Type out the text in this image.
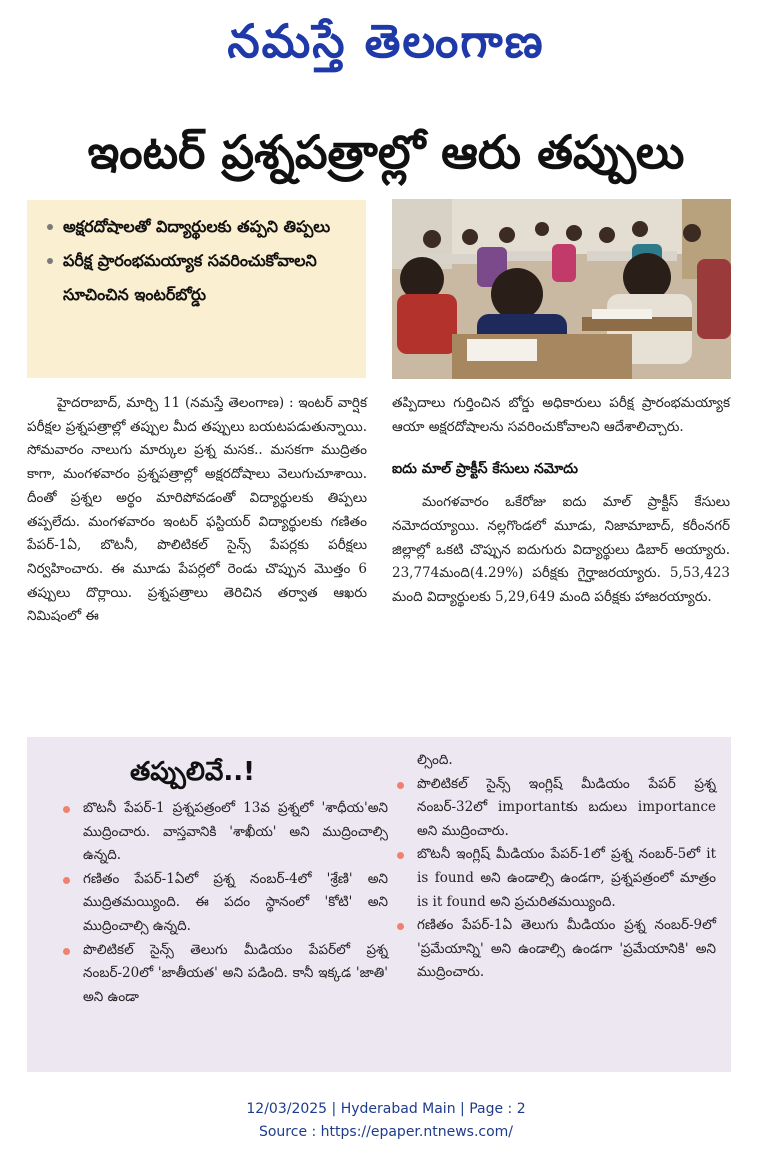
నమస్తే తెలంగాణ
ఇంటర్ ప్రశ్నపత్రాల్లో ఆరు తప్పులు
అక్షరదోషాలతో విద్యార్థులకు తప్పని తిప్పలు
పరీక్ష ప్రారంభమయ్యాక సవరించుకోవాలని సూచించిన ఇంటర్‌బోర్డు

హైదరాబాద్, మార్చి 11 (నమస్తే తెలంగాణ) : ఇంటర్ వార్షిక పరీక్షల ప్రశ్నపత్రాల్లో తప్పుల మీద తప్పులు బయటపడుతున్నాయి. సోమవారం నాలుగు మార్కుల ప్రశ్న మసక.. మసకగా ముద్రితం కాగా, మంగళవారం ప్రశ్నపత్రాల్లో అక్షరదోషాలు వెలుగుచూశాయి. దీంతో ప్రశ్నల అర్థం మారిపోవడంతో విద్యార్థులకు తిప్పలు తప్పలేదు. మంగళవారం ఇంటర్ ఫస్టియర్ విద్యార్థులకు గణితం పేపర్-1ఏ, బొటనీ, పొలిటికల్ సైన్స్ పేపర్లకు పరీక్షలు నిర్వహించారు. ఈ మూడు పేపర్లలో రెండు చొప్పున మొత్తం 6 తప్పులు దొర్లాయి. ప్రశ్నపత్రాలు తెరిచిన తర్వాత ఆఖరు నిమిషంలో ఈ

తప్పిదాలు గుర్తించిన బోర్డు అధికారులు పరీక్ష ప్రారంభమయ్యాక ఆయా అక్షరదోషాలను సవరించుకోవాలని ఆదేశాలిచ్చారు.

ఐదు మాల్ ప్రాక్టీస్ కేసులు నమోదు

మంగళవారం ఒకేరోజు ఐదు మాల్ ప్రాక్టీస్ కేసులు నమోదయ్యాయి. నల్లగొండలో మూడు, నిజామాబాద్, కరీంనగర్ జిల్లాల్లో ఒకటి చొప్పున ఐదుగురు విద్యార్థులు డిబార్ అయ్యారు. 23,774మంది(4.29%) పరీక్షకు గైర్హాజరయ్యారు. 5,53,423 మంది విద్యార్థులకు 5,29,649 మంది పరీక్షకు హాజరయ్యారు.

తప్పులివే..!
బొటనీ పేపర్-1 ప్రశ్నపత్రంలో 13వ ప్రశ్నలో 'శాధీయ'అని ముద్రించారు. వాస్తవానికి 'శాఖీయ' అని ముద్రించాల్సి ఉన్నది.
గణితం పేపర్-1ఏలో ప్రశ్న నంబర్-4లో 'శ్రేణి' అని ముద్రితమయ్యింది. ఈ పదం స్థానంలో 'కోటి' అని ముద్రించాల్సి ఉన్నది.
పొలిటికల్ సైన్స్ తెలుగు మీడియం పేపర్‌లో ప్రశ్న నంబర్-20లో 'జాతీయత' అని పడింది. కానీ ఇక్కడ 'జాతి' అని ఉండా
ల్సింది.
పొలిటికల్ సైన్స్ ఇంగ్లిష్ మీడియం పేపర్ ప్రశ్న నంబర్-32లో important‌కు బదులు importance అని ముద్రించారు.
బొటనీ ఇంగ్లిష్ మీడియం పేపర్-1లో ప్రశ్న నంబర్-5లో it is found అని ఉండాల్సి ఉండగా, ప్రశ్నపత్రంలో మాత్రం is it found అని ప్రచురితమయ్యింది.
గణితం పేపర్-1ఏ తెలుగు మీడియం ప్రశ్న నంబర్-9లో 'ప్రమేయాన్ని' అని ఉండాల్సి ఉండగా 'ప్రమేయానికి' అని ముద్రించారు.
12/03/2025 | Hyderabad Main | Page : 2
Source : https://epaper.ntnews.com/
